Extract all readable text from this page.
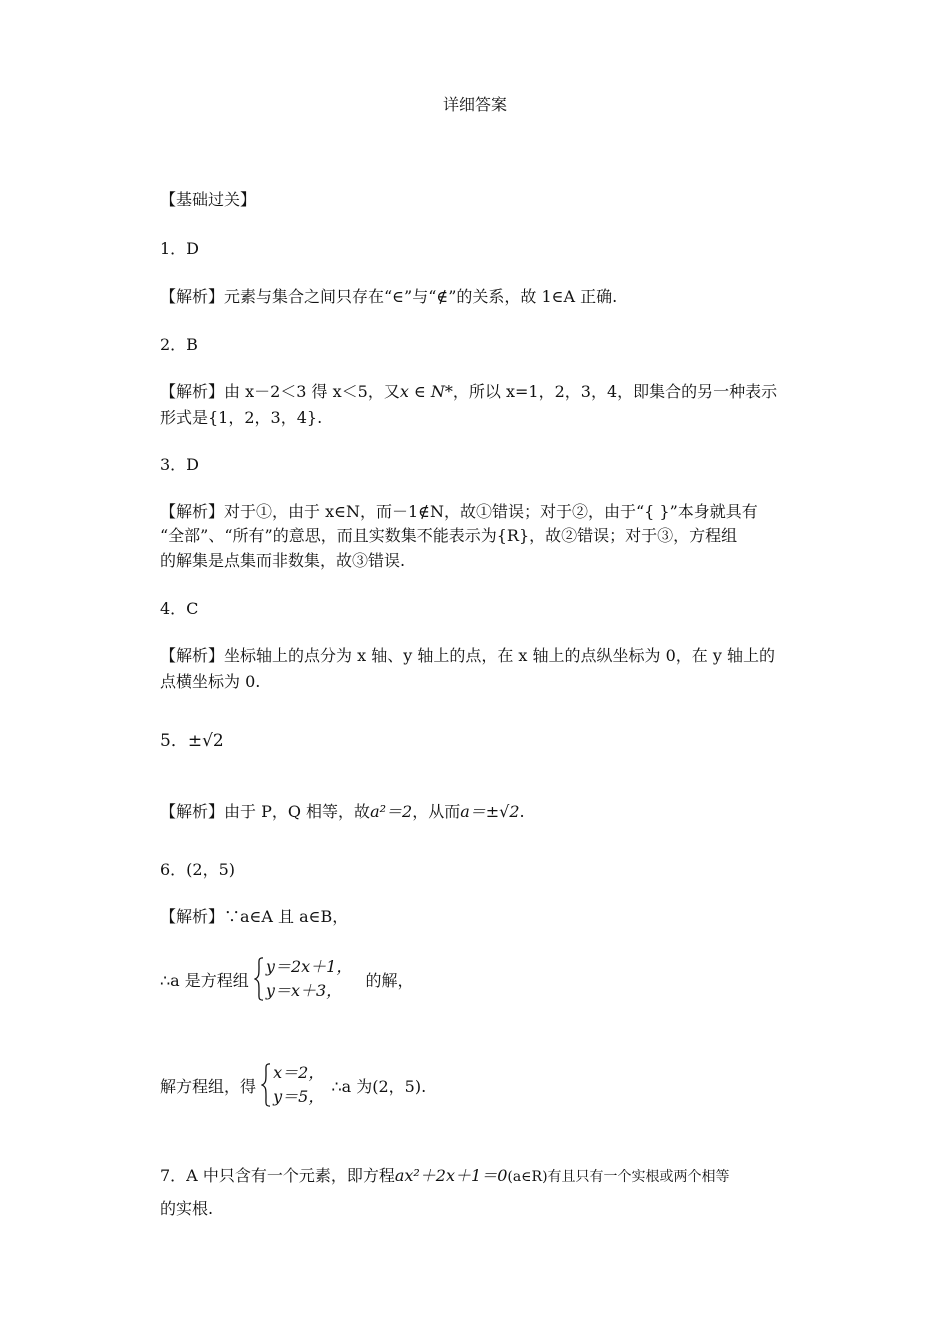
详细答案
【基础过关】
1．D
【解析】元素与集合之间只存在“∈”与“∉”的关系，故 1∈A 正确.
2．B
【解析】由 x－2＜3 得 x＜5，又x ∈ N*，所以 x=1，2，3，4，即集合的另一种表示
形式是{1，2，3，4}.
3．D
【解析】对于①，由于 x∈N，而－1∉N，故①错误；对于②，由于“{ }”本身就具有
“全部”、“所有”的意思，而且实数集不能表示为{R}，故②错误；对于③，方程组
的解集是点集而非数集，故③错误.
4．C
【解析】坐标轴上的点分为 x 轴、y 轴上的点，在 x 轴上的点纵坐标为 0，在 y 轴上的
点横坐标为 0.
5．±√2
【解析】由于 P，Q 相等，故a²＝2，从而a＝±√2.
6．(2，5)
【解析】∵a∈A 且 a∈B，
∴a 是方程组
y＝2x＋1，
y＝x＋3，
的解，
解方程组，得
x＝2，
y＝5，
∴a 为(2，5).
7．A 中只含有一个元素，即方程ax²＋2x＋1＝0(a∈R)有且只有一个实根或两个相等
的实根.
